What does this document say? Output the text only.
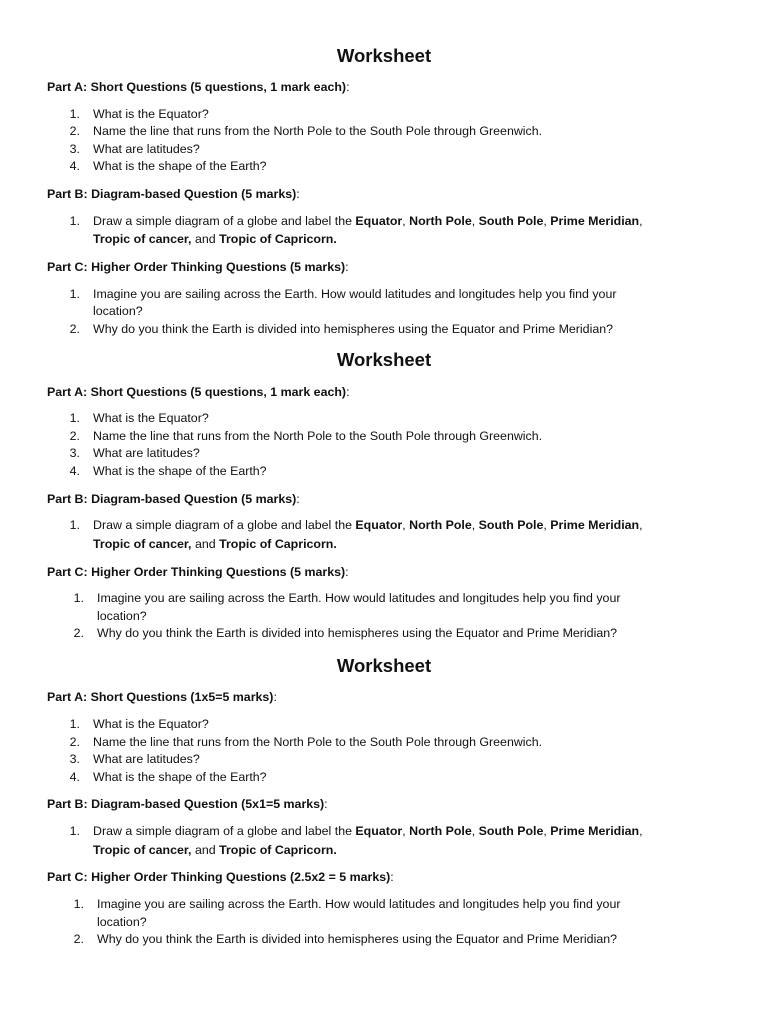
Worksheet
Part A: Short Questions (5 questions, 1 mark each):
1. What is the Equator?
2. Name the line that runs from the North Pole to the South Pole through Greenwich.
3. What are latitudes?
4. What is the shape of the Earth?
Part B: Diagram-based Question (5 marks):
1. Draw a simple diagram of a globe and label the Equator, North Pole, South Pole, Prime Meridian,
Tropic of cancer, and Tropic of Capricorn.
Part C: Higher Order Thinking Questions (5 marks):
1. Imagine you are sailing across the Earth. How would latitudes and longitudes help you find your
location?
2. Why do you think the Earth is divided into hemispheres using the Equator and Prime Meridian?
Worksheet
Part A: Short Questions (5 questions, 1 mark each):
1. What is the Equator?
2. Name the line that runs from the North Pole to the South Pole through Greenwich.
3. What are latitudes?
4. What is the shape of the Earth?
Part B: Diagram-based Question (5 marks):
1. Draw a simple diagram of a globe and label the Equator, North Pole, South Pole, Prime Meridian,
Tropic of cancer, and Tropic of Capricorn.
Part C: Higher Order Thinking Questions (5 marks):
1. Imagine you are sailing across the Earth. How would latitudes and longitudes help you find your
location?
2. Why do you think the Earth is divided into hemispheres using the Equator and Prime Meridian?
Worksheet
Part A: Short Questions (1x5=5 marks):
1. What is the Equator?
2. Name the line that runs from the North Pole to the South Pole through Greenwich.
3. What are latitudes?
4. What is the shape of the Earth?
Part B: Diagram-based Question (5x1=5 marks):
1. Draw a simple diagram of a globe and label the Equator, North Pole, South Pole, Prime Meridian,
Tropic of cancer, and Tropic of Capricorn.
Part C: Higher Order Thinking Questions (2.5x2 = 5 marks):
1. Imagine you are sailing across the Earth. How would latitudes and longitudes help you find your
location?
2. Why do you think the Earth is divided into hemispheres using the Equator and Prime Meridian?
